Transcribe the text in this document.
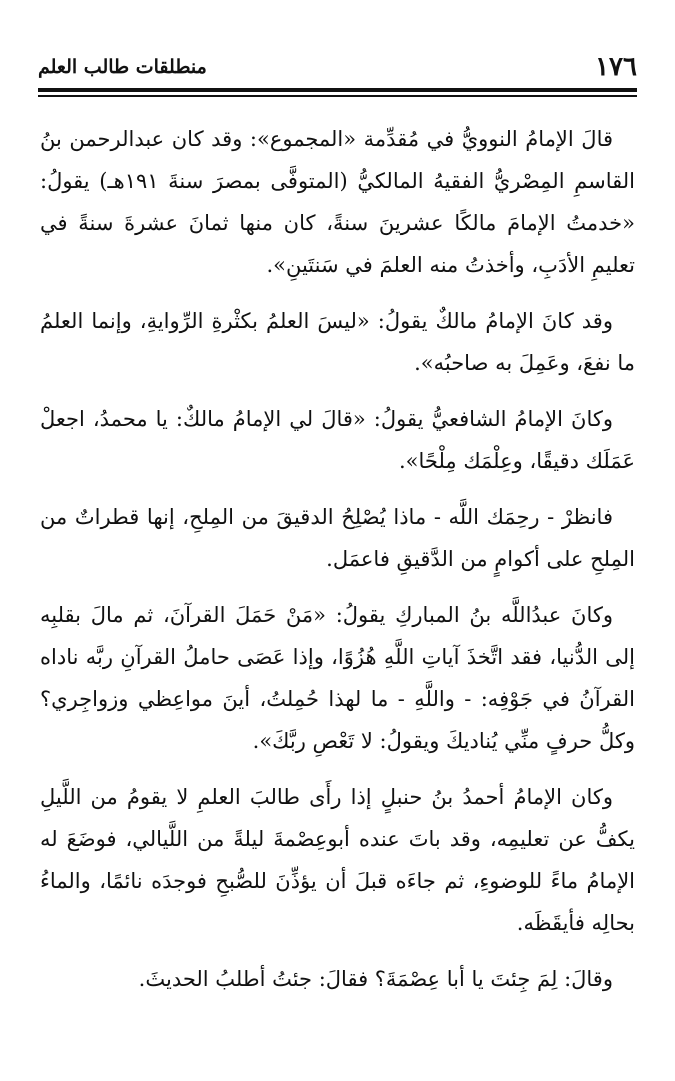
١٧٦
منطلقات طالب العلم

قالَ الإمامُ النوويُّ في مُقدِّمة «المجموع»: وقد كان عبدالرحمن بنُ القاسمِ المِصْريُّ الفقيهُ المالكيُّ (المتوفَّى بمصرَ سنةَ ١٩١هـ) يقولُ: «خدمتُ الإمامَ مالكًا عشرينَ سنةً، كان منها ثمانَ عشرةَ سنةً في تعليمِ الأدَبِ، وأخذتُ منه العلمَ في سَنتَينِ».

وقد كانَ الإمامُ مالكٌ يقولُ: «ليسَ العلمُ بكثْرةِ الرِّوايةِ، وإنما العلمُ ما نفعَ، وعَمِلَ به صاحبُه».

وكانَ الإمامُ الشافعيُّ يقولُ: «قالَ لي الإمامُ مالكٌ: يا محمدُ، اجعلْ عَمَلَك دقيقًا، وعِلْمَك مِلْحًا».

فانظرْ - رحِمَك اللَّه - ماذا يُصْلِحُ الدقيقَ من المِلحِ، إنها قطراتٌ من المِلحِ على أكوامٍ من الدَّقيقِ فاعمَل.

وكانَ عبدُاللَّه بنُ المباركِ يقولُ: «مَنْ حَمَلَ القرآنَ، ثم مالَ بقلبِه إلى الدُّنيا، فقد اتَّخذَ آياتِ اللَّهِ هُزُوًا، وإذا عَصَى حاملُ القرآنِ ربَّه ناداه القرآنُ في جَوْفِه: - واللَّهِ - ما لهذا حُمِلتُ، أينَ مواعِظي وزواجِري؟ وكلُّ حرفٍ منِّي يُناديكَ ويقولُ: لا تَعْصِ ربَّكَ».

وكان الإمامُ أحمدُ بنُ حنبلٍ إذا رأَى طالبَ العلمِ لا يقومُ من اللَّيلِ يكفُّ عن تعليمِه، وقد باتَ عنده أبوعِصْمةَ ليلةً من اللَّيالي، فوضَعَ له الإمامُ ماءً للوضوءِ، ثم جاءَه قبلَ أن يؤذِّنَ للصُّبحِ فوجدَه نائمًا، والماءُ بحالِه فأيقَظَه.

وقالَ: لِمَ جِئتَ يا أبا عِصْمَةَ؟ فقالَ: جئتُ أطلبُ الحديثَ.
